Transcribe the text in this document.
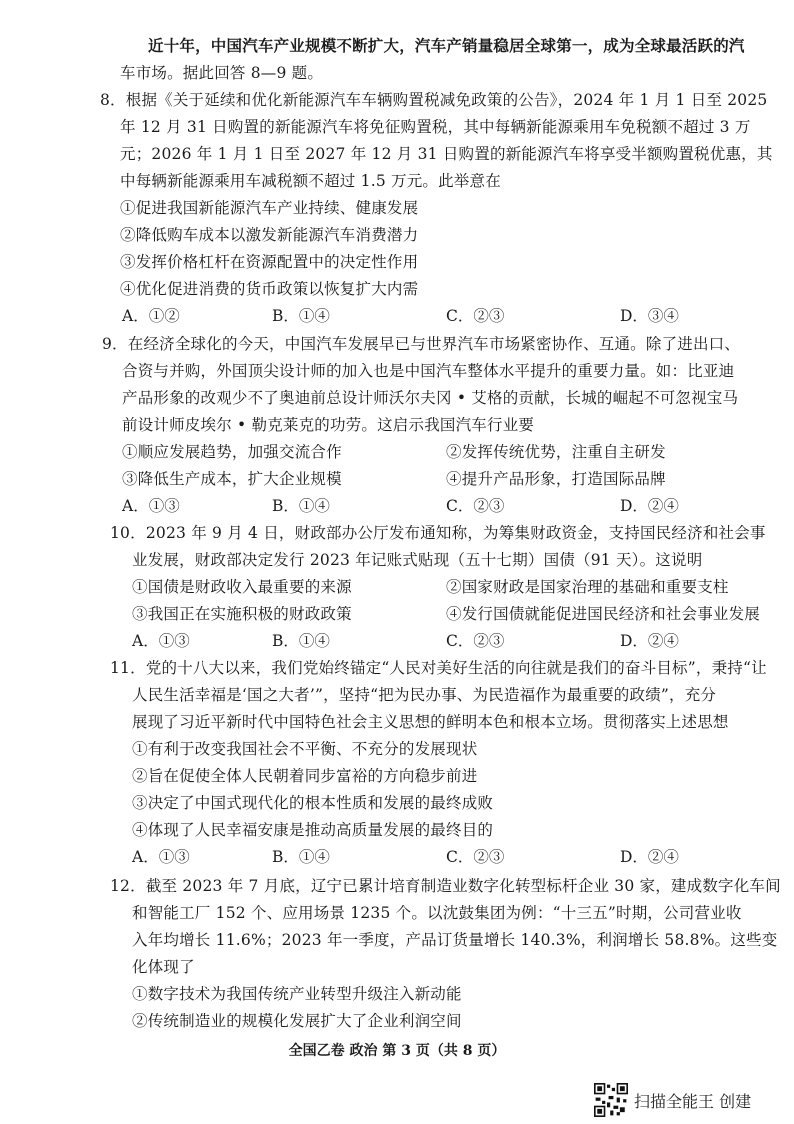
近十年，中国汽车产业规模不断扩大，汽车产销量稳居全球第一，成为全球最活跃的汽
车市场。据此回答 8—9 题。
8．根据《关于延续和优化新能源汽车车辆购置税减免政策的公告》，2024 年 1 月 1 日至 2025
年 12 月 31 日购置的新能源汽车将免征购置税，其中每辆新能源乘用车免税额不超过 3 万
元；2026 年 1 月 1 日至 2027 年 12 月 31 日购置的新能源汽车将享受半额购置税优惠，其
中每辆新能源乘用车减税额不超过 1.5 万元。此举意在
①促进我国新能源汽车产业持续、健康发展
②降低购车成本以激发新能源汽车消费潜力
③发挥价格杠杆在资源配置中的决定性作用
④优化促进消费的货币政策以恢复扩大内需
A．①②	B．①④	C．②③	D．③④
9．在经济全球化的今天，中国汽车发展早已与世界汽车市场紧密协作、互通。除了进出口、
合资与并购，外国顶尖设计师的加入也是中国汽车整体水平提升的重要力量。如：比亚迪
产品形象的改观少不了奥迪前总设计师沃尔夫冈 • 艾格的贡献，长城的崛起不可忽视宝马
前设计师皮埃尔 • 勒克莱克的功劳。这启示我国汽车行业要
①顺应发展趋势，加强交流合作	②发挥传统优势，注重自主研发
③降低生产成本，扩大企业规模	④提升产品形象，打造国际品牌
A．①③	B．①④	C．②③	D．②④
10．2023 年 9 月 4 日，财政部办公厅发布通知称，为筹集财政资金，支持国民经济和社会事
业发展，财政部决定发行 2023 年记账式贴现（五十七期）国债（91 天）。这说明
①国债是财政收入最重要的来源	②国家财政是国家治理的基础和重要支柱
③我国正在实施积极的财政政策	④发行国债就能促进国民经济和社会事业发展
A．①③	B．①④	C．②③	D．②④
11．党的十八大以来，我们党始终锚定“人民对美好生活的向往就是我们的奋斗目标”，秉持“让
人民生活幸福是‘国之大者’”，坚持“把为民办事、为民造福作为最重要的政绩”，充分
展现了习近平新时代中国特色社会主义思想的鲜明本色和根本立场。贯彻落实上述思想
①有利于改变我国社会不平衡、不充分的发展现状
②旨在促使全体人民朝着同步富裕的方向稳步前进
③决定了中国式现代化的根本性质和发展的最终成败
④体现了人民幸福安康是推动高质量发展的最终目的
A．①③	B．①④	C．②③	D．②④
12．截至 2023 年 7 月底，辽宁已累计培育制造业数字化转型标杆企业 30 家，建成数字化车间
和智能工厂 152 个、应用场景 1235 个。以沈鼓集团为例：“十三五”时期，公司营业收
入年均增长 11.6%；2023 年一季度，产品订货量增长 140.3%，利润增长 58.8%。这些变
化体现了
①数字技术为我国传统产业转型升级注入新动能
②传统制造业的规模化发展扩大了企业利润空间
全国乙卷 政治 第 3 页（共 8 页）
扫描全能王 创建
